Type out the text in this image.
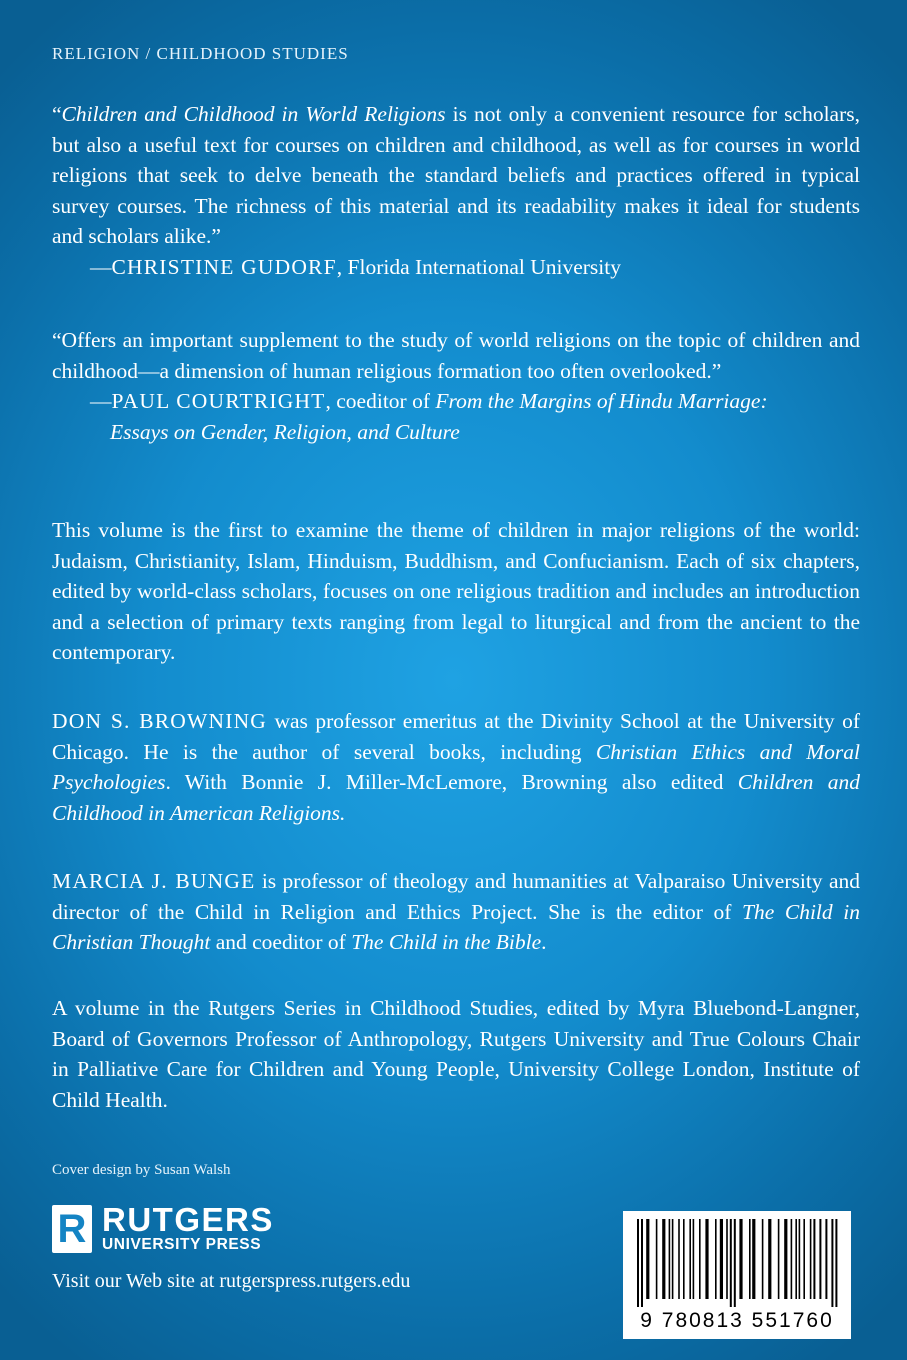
RELIGION / CHILDHOOD STUDIES

“Children and Childhood in World Religions is not only a convenient resource for scholars, but also a useful text for courses on children and childhood, as well as for courses in world religions that seek to delve beneath the standard beliefs and practices offered in typical survey courses. The richness of this material and its readability makes it ideal for students and scholars alike.”

—CHRISTINE GUDORF, Florida International University

“Offers an important supplement to the study of world religions on the topic of children and childhood—a dimension of human religious formation too often overlooked.”

—PAUL COURTRIGHT, coeditor of From the Margins of Hindu Marriage:

Essays on Gender, Religion, and Culture

This volume is the first to examine the theme of children in major religions of the world: Judaism, Christianity, Islam, Hinduism, Buddhism, and Confucianism. Each of six chapters, edited by world-class scholars, focuses on one religious tradition and includes an introduction and a selection of primary texts ranging from legal to liturgical and from the ancient to the contemporary.

DON S. BROWNING was professor emeritus at the Divinity School at the University of Chicago. He is the author of several books, including Christian Ethics and Moral Psychologies. With Bonnie J. Miller-McLemore, Browning also edited Children and Childhood in American Religions.

MARCIA J. BUNGE is professor of theology and humanities at Valparaiso University and director of the Child in Religion and Ethics Project. She is the editor of The Child in Christian Thought and coeditor of The Child in the Bible.

A volume in the Rutgers Series in Childhood Studies, edited by Myra Bluebond-Langner, Board of Governors Professor of Anthropology, Rutgers University and True Colours Chair in Palliative Care for Children and Young People, University College London, Institute of Child Health.

Cover design by Susan Walsh
R RUTGERS
UNIVERSITY PRESS
Visit our Web site at rutgerspress.rutgers.edu
9 780813 551760
